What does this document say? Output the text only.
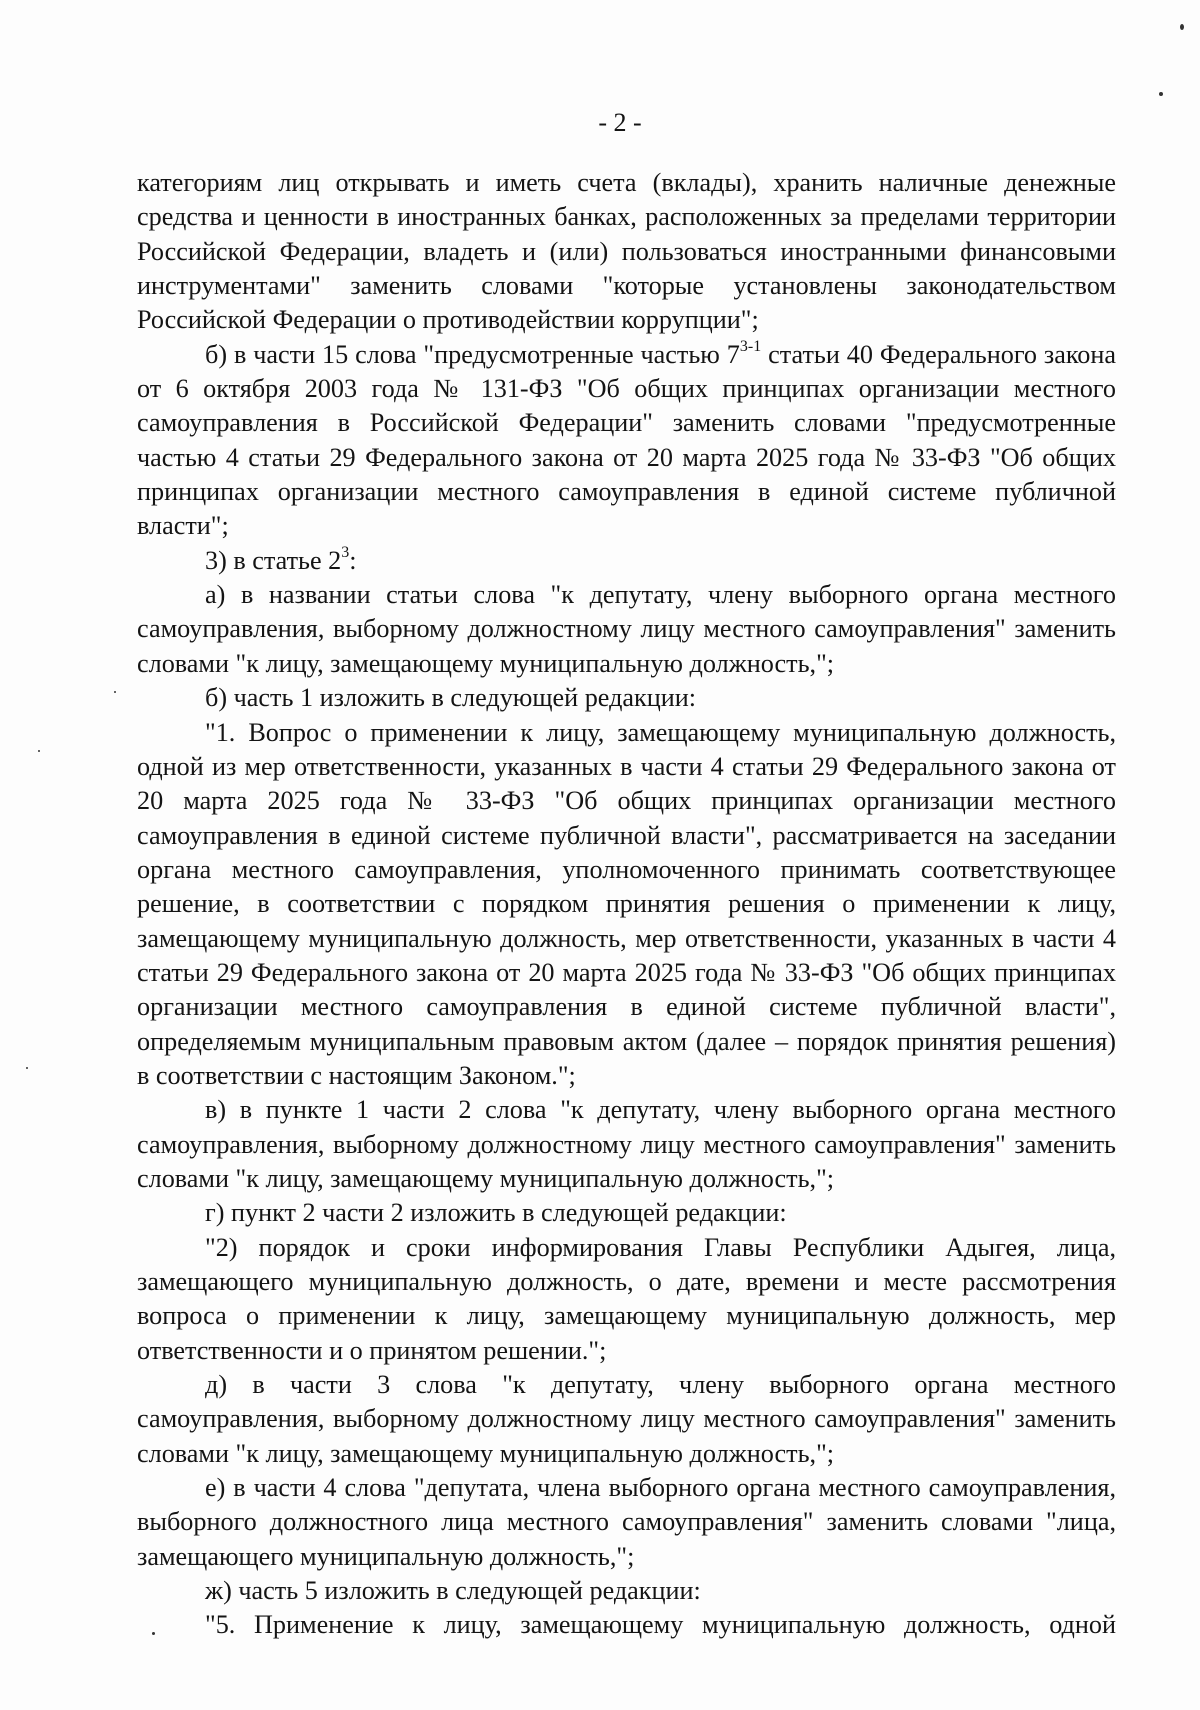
- 2 -

категориям лиц открывать и иметь счета (вклады), хранить наличные денежные средства и ценности в иностранных банках, расположенных за пределами территории Российской Федерации, владеть и (или) пользоваться иностранными финансовыми инструментами" заменить словами "которые установлены законодательством Российской Федерации о противодействии коррупции";

б) в части 15 слова "предусмотренные частью 7$^{3-1}$ статьи 40 Федерального закона от 6 октября 2003 года № 131-ФЗ "Об общих принципах организации местного самоуправления в Российской Федерации" заменить словами "предусмотренные частью 4 статьи 29 Федерального закона от 20 марта 2025 года № 33-ФЗ "Об общих принципах организации местного самоуправления в единой системе публичной власти";

3) в статье $2^3$:

а) в названии статьи слова "к депутату, члену выборного органа местного самоуправления, выборному должностному лицу местного самоуправления" заменить словами "к лицу, замещающему муниципальную должность,";

б) часть 1 изложить в следующей редакции:

"1. Вопрос о применении к лицу, замещающему муниципальную должность, одной из мер ответственности, указанных в части 4 статьи 29 Федерального закона от 20 марта 2025 года № 33-ФЗ "Об общих принципах организации местного самоуправления в единой системе публичной власти", рассматривается на заседании органа местного самоуправления, уполномоченного принимать соответствующее решение, в соответствии с порядком принятия решения о применении к лицу, замещающему муниципальную должность, мер ответственности, указанных в части 4 статьи 29 Федерального закона от 20 марта 2025 года № 33-ФЗ "Об общих принципах организации местного самоуправления в единой системе публичной власти", определяемым муниципальным правовым актом (далее – порядок принятия решения) в соответствии с настоящим Законом.";

в) в пункте 1 части 2 слова "к депутату, члену выборного органа местного самоуправления, выборному должностному лицу местного самоуправления" заменить словами "к лицу, замещающему муниципальную должность,";

г) пункт 2 части 2 изложить в следующей редакции:

"2) порядок и сроки информирования Главы Республики Адыгея, лица, замещающего муниципальную должность, о дате, времени и месте рассмотрения вопроса о применении к лицу, замещающему муниципальную должность, мер ответственности и о принятом решении.";

д) в части 3 слова "к депутату, члену выборного органа местного самоуправления, выборному должностному лицу местного самоуправления" заменить словами "к лицу, замещающему муниципальную должность,";

е) в части 4 слова "депутата, члена выборного органа местного самоуправления, выборного должностного лица местного самоуправления" заменить словами "лица, замещающего муниципальную должность,";

ж) часть 5 изложить в следующей редакции:

"5. Применение к лицу, замещающему муниципальную должность, одной
